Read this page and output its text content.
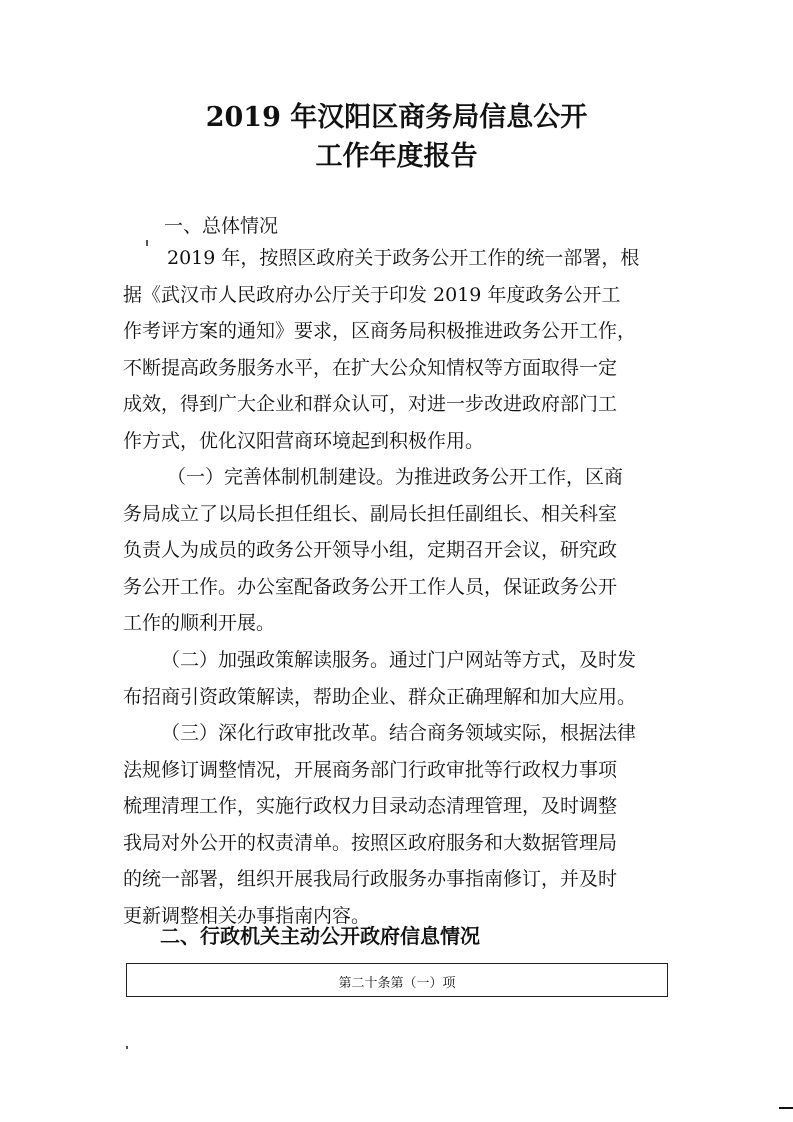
2019 年汉阳区商务局信息公开
工作年度报告
一、总体情况
2019 年，按照区政府关于政务公开工作的统一部署，根
据《武汉市人民政府办公厅关于印发 2019 年度政务公开工
作考评方案的通知》要求，区商务局积极推进政务公开工作，
不断提高政务服务水平，在扩大公众知情权等方面取得一定
成效，得到广大企业和群众认可，对进一步改进政府部门工
作方式，优化汉阳营商环境起到积极作用。
（一）完善体制机制建设。为推进政务公开工作，区商
务局成立了以局长担任组长、副局长担任副组长、相关科室
负责人为成员的政务公开领导小组，定期召开会议，研究政
务公开工作。办公室配备政务公开工作人员，保证政务公开
工作的顺利开展。
（二）加强政策解读服务。通过门户网站等方式，及时发
布招商引资政策解读，帮助企业、群众正确理解和加大应用。
（三）深化行政审批改革。结合商务领域实际，根据法律
法规修订调整情况，开展商务部门行政审批等行政权力事项
梳理清理工作，实施行政权力目录动态清理管理，及时调整
我局对外公开的权责清单。按照区政府服务和大数据管理局
的统一部署，组织开展我局行政服务办事指南修订，并及时
更新调整相关办事指南内容。
二、行政机关主动公开政府信息情况
第二十条第（一）项
